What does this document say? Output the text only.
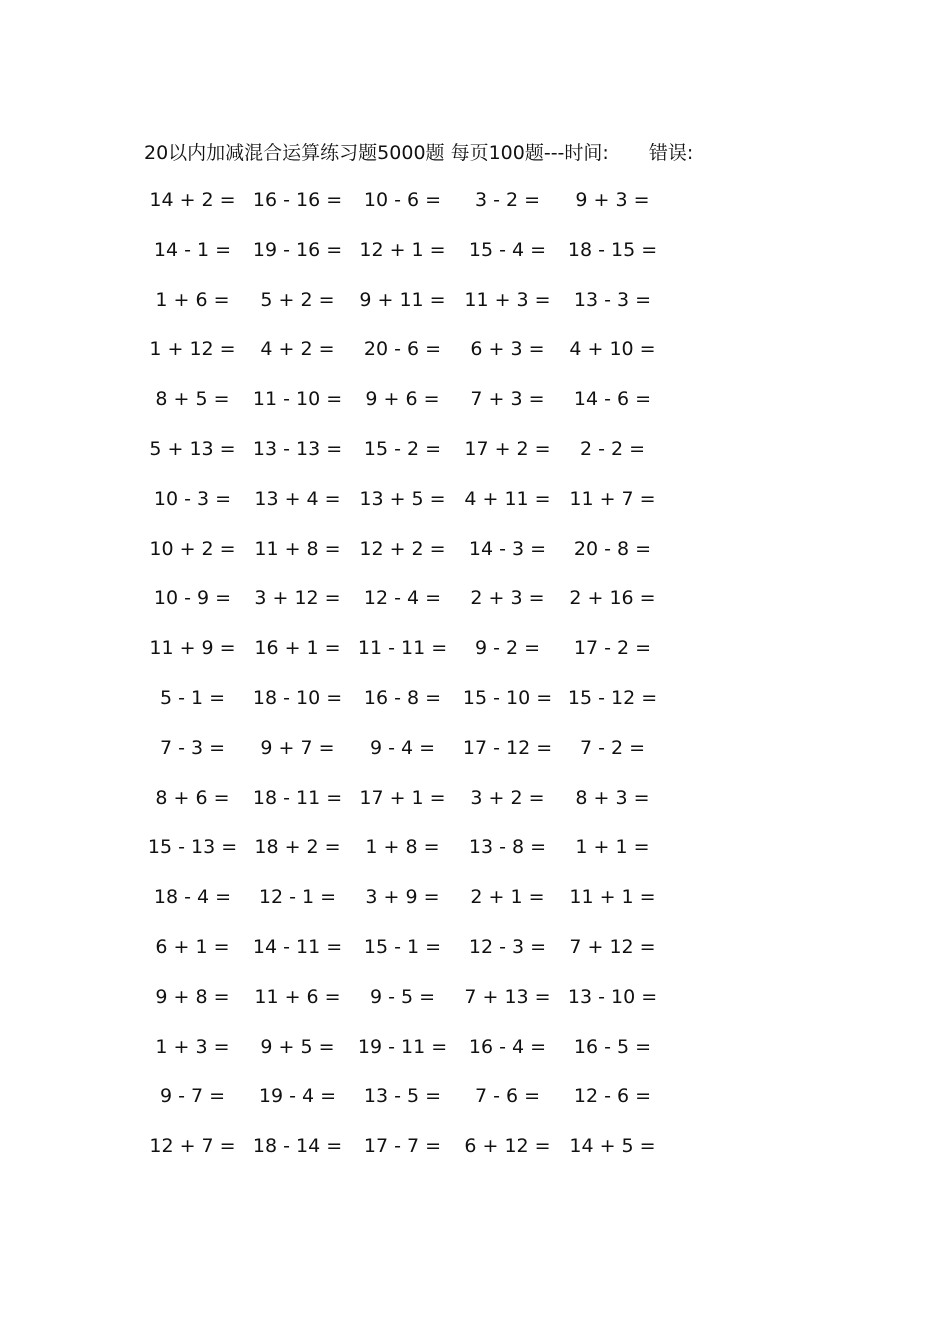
20以内加减混合运算练习题5000题 每页100题---时间: 错误:
14 + 2 = 16 - 16 =	10 - 6 =	3 - 2 =	9 + 3 =
14 - 1 =	19 - 16 = 12 + 1 =	15 - 4 =	18 - 15 =
1 + 6 =	5 + 2 =	9 + 11 = 11 + 3 =	13 - 3 =
1 + 12 =	4 + 2 =	20 - 6 =	6 + 3 =	4 + 10 =
8 + 5 =	11 - 10 =	9 + 6 =	7 + 3 =	14 - 6 =
5 + 13 = 13 - 13 =	15 - 2 =	17 + 2 =	2 - 2 =
10 - 3 =	13 + 4 = 13 + 5 = 4 + 11 = 11 + 7 =
10 + 2 = 11 + 8 = 12 + 2 =	14 - 3 =	20 - 8 =
10 - 9 =	3 + 12 =	12 - 4 =	2 + 3 =	2 + 16 =
11 + 9 = 16 + 1 = 11 - 11 =	9 - 2 =	17 - 2 =
5 - 1 =	18 - 10 =	16 - 8 =	15 - 10 = 15 - 12 =
7 - 3 =	9 + 7 =	9 - 4 =	17 - 12 =	7 - 2 =
8 + 6 =	18 - 11 = 17 + 1 =	3 + 2 =	8 + 3 =
15 - 13 = 18 + 2 =	1 + 8 =	13 - 8 =	1 + 1 =
18 - 4 =	12 - 1 =	3 + 9 =	2 + 1 =	11 + 1 =
6 + 1 =	14 - 11 =	15 - 1 =	12 - 3 =	7 + 12 =
9 + 8 =	11 + 6 =	9 - 5 =	7 + 13 = 13 - 10 =
1 + 3 =	9 + 5 =	19 - 11 =	16 - 4 =	16 - 5 =
9 - 7 =	19 - 4 =	13 - 5 =	7 - 6 =	12 - 6 =
12 + 7 = 18 - 14 =	17 - 7 =	6 + 12 = 14 + 5 =
